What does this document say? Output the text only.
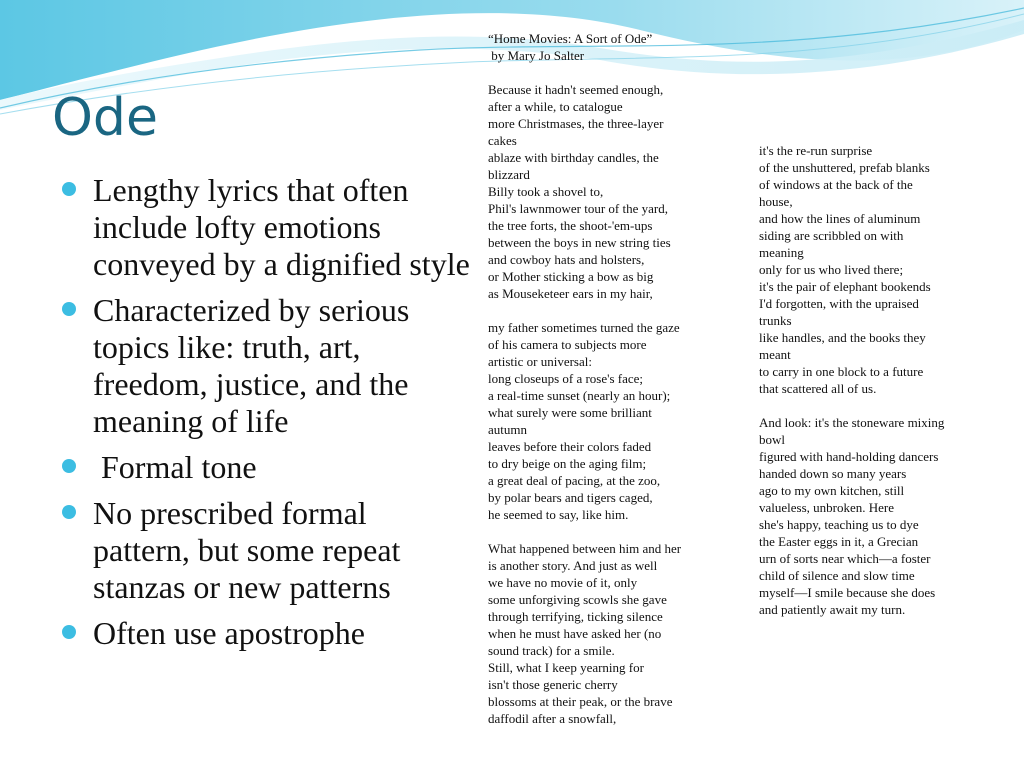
Ode
Lengthy lyrics that often include lofty emotions conveyed by a dignified style
Characterized by serious topics like: truth, art, freedom, justice, and the meaning of life
Formal tone
No prescribed formal pattern, but some repeat stanzas or new patterns
Often use apostrophe
“Home Movies: A Sort of Ode”
by Mary Jo Salter

Because it hadn't seemed enough,
after a while, to catalogue
more Christmases, the three-layer
cakes
ablaze with birthday candles, the
blizzard
Billy took a shovel to,
Phil's lawnmower tour of the yard,
the tree forts, the shoot-'em-ups
between the boys in new string ties
and cowboy hats and holsters,
or Mother sticking a bow as big
as Mouseketeer ears in my hair,

my father sometimes turned the gaze
of his camera to subjects more
artistic or universal:
long closeups of a rose's face;
a real-time sunset (nearly an hour);
what surely were some brilliant
autumn
leaves before their colors faded
to dry beige on the aging film;
a great deal of pacing, at the zoo,
by polar bears and tigers caged,
he seemed to say, like him.

What happened between him and her
is another story. And just as well
we have no movie of it, only
some unforgiving scowls she gave
through terrifying, ticking silence
when he must have asked her (no
sound track) for a smile.
Still, what I keep yearning for
isn't those generic cherry
blossoms at their peak, or the brave
daffodil after a snowfall,
it's the re-run surprise
of the unshuttered, prefab blanks
of windows at the back of the
house,
and how the lines of aluminum
siding are scribbled on with
meaning
only for us who lived there;
it's the pair of elephant bookends
I'd forgotten, with the upraised
trunks
like handles, and the books they
meant
to carry in one block to a future
that scattered all of us.

And look: it's the stoneware mixing
bowl
figured with hand-holding dancers
handed down so many years
ago to my own kitchen, still
valueless, unbroken. Here
she's happy, teaching us to dye
the Easter eggs in it, a Grecian
urn of sorts near which—a foster
child of silence and slow time
myself—I smile because she does
and patiently await my turn.
